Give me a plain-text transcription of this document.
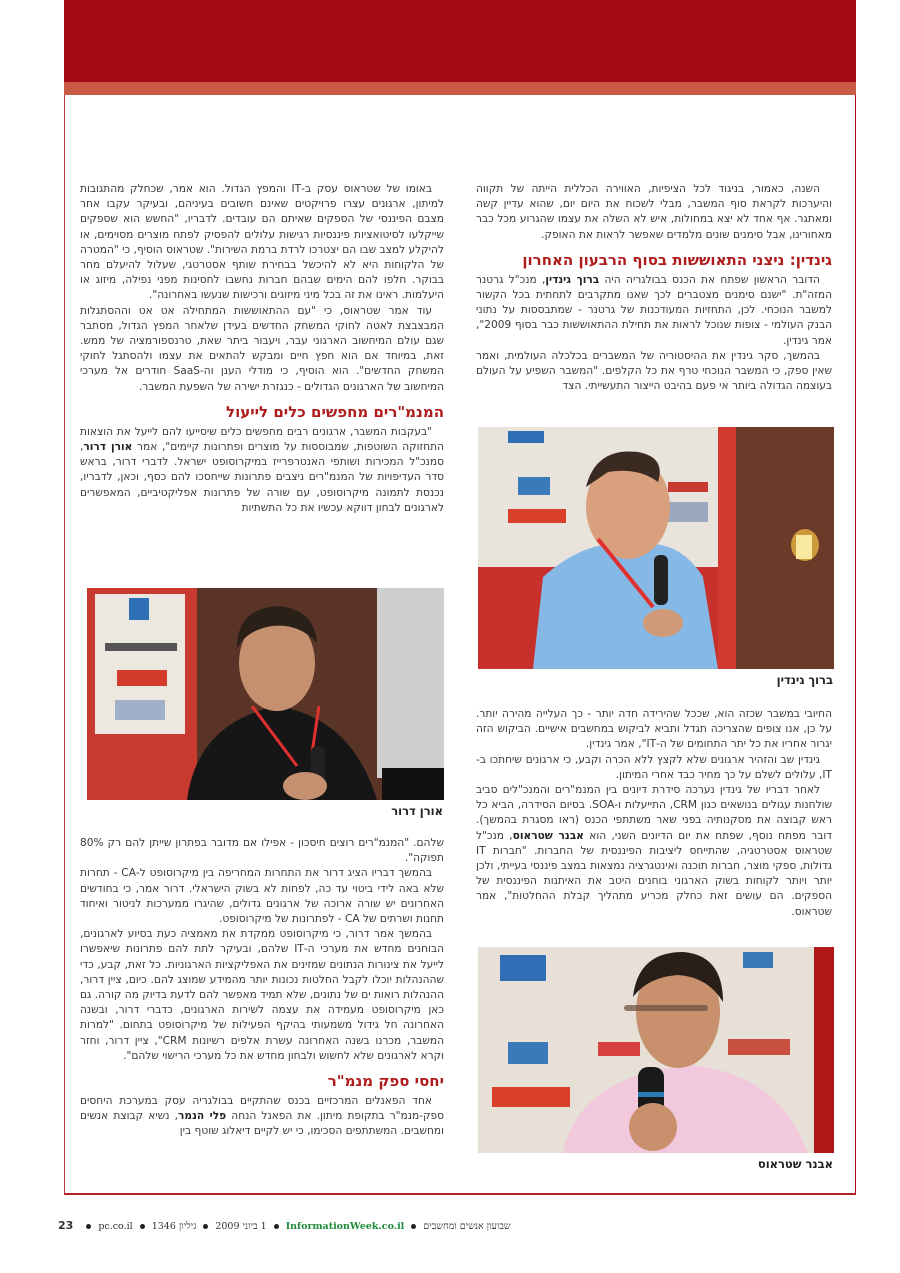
השנה, כאמור, בניגוד לכל הציפיות, האווירה הכללית הייתה של תקווה והיערכות לקראת סוף המשבר, מבלי לשכוח את היום יום, שהוא עדיין קשה ומאתגר. אף אחד לא יצא במחולות, איש לא השלה את עצמו שהגרוע מכל כבר מאחורינו, אבל סימנים שונים מלמדים שאפשר לראות את האופק.

גינדין: ניצני התאוששות בסוף הרבעון האחרון

הדובר הראשון שפתח את הכנס בבולגריה היה ברוך גינדין, מנכ"ל גרטנר המזה"ת. "ישנם סימנים מצטברים לכך שאנו מתקרבים לתחתית בכל הקשור למשבר הנוכחי. לכן, התחזיות המעודכנות של גרטנר - שמתבססות על נתוני הבנק העולמי - צופות שנוכל לראות את תחילת ההתאוששות כבר בסוף 2009", אמר גינדין.

בהמשך, סקר גינדין את ההיסטוריה של המשברים בכלכלה העולמית, ואמר שאין ספק, כי המשבר הנוכחי טרף את כל הקלפים. "המשבר השפיע על העולם בעוצמה הגדולה ביותר אי פעם בהיבט הייצור התעשייתי. הצד

ברוך גינדין

החיובי במשבר שכזה הוא, שככל שהירידה חדה יותר - כך העלייה מהירה יותר. על כן, אנו צופים שהצריכה תגדל ותביא לביקוש במחשבים אישיים. הביקוש הזה יגרור אחריו את כל יתר התחומים של ה-IT", אמר גינדין.

גינדין שב והזהיר ארגונים שלא לקצץ ללא הכרה וקבע, כי ארגונים שיחתכו ב-IT, עלולים לשלם על כך מחיר כבד אחרי המיתון.

לאחר דבריו של גינדין נערכה סידרת דיונים בין המנמ"רים והמנכ"לים סביב שולחנות עגולים בנושאים כגון CRM, התייעלות ו-SOA. בסיום הסידרה, הביא כל ראש קבוצה את מסקנותיה בפני שאר משתתפי הכנס (ראו מסגרת בהמשך). דובר מפתח נוסף, שפתח את יום הדיונים השני, הוא אבנר שטראוס, מנכ"ל שטראוס אסטרטגיה, שהתייחס ליציבות הפיננסית של החברות. "חברות IT גדולות, ספקי מוצר, חברות תוכנה ואינטגרציה נמצאות במצב פיננסי בעייתי, ולכן יותר ויותר לקוחות בשוק הארגוני בוחנים היטב את האיתנות הפיננסית של הספקים. הם עושים זאת כחלק מכריע מתהליך קבלת ההחלטות", אמר שטראוס.

אבנר שטראוס

באומו של שטראוס עסק ב-IT והמפץ הגדול. הוא אמר, שכחלק מהתגובות למיתון, ארגונים עצרו פרויקטים שאינם חשובים בעיניהם, ובעיקר עקבו אחר מצבם הפיננסי של הספקים שאיתם הם עובדים. לדבריו, "החשש הוא שספקים שייקלעו לסיטואציות פיננסיות רגישות עלולים להפסיק לפתח מוצרים מסוימים, או להיקלע למצב שבו הם יצטרכו לרדת ברמת השירות". שטראוס הוסיף, כי "המטרה של הלקוחות היא לא להיכשל בבחירת שותף אסטרטגי, שעלול להיעלם מחר בבוקר. חלפו להם הימים שבהם חברות נחשבו לחסינות מפני נפילה, מיזוג או היעלמות. ראינו את זה בכל מיני מיזוגים ורכישות שנעשו באחרונה".

עוד אמר שטראוס, כי "עם ההתאוששות המתחילה אט אט וההסתגלות המבצבצת לאטה לחוקי המשחק החדשים בעידן שלאחר המפץ הגדול, מסתבר שגם עולם המיחשוב הארגוני עבר, ויעבור ביתר שאת, טרנספורמציה של ממש. זאת, במיוחד אם הוא חפץ חיים ומבקש להתאים את עצמו ולהסתגל לחוקי המשחק החדשים". הוא הוסיף, כי מודלי הענן וה-SaaS חודרים אל מערכי המיחשוב של הארגונים הגדולים - כנגזרת ישירה של השפעת המשבר.

המנמ"רים מחפשים כלים לייעול

"בעקבות המשבר, ארגונים רבים מחפשים כלים שיסייעו להם לייעל את הוצאות התחזוקה השוטפות, שמבוססות על מוצרים ופתרונות קיימים", אמר אורן דרור, סמנכ"ל המכירות ושותפי האנטרפרייז במיקרוסופט ישראל. לדברי דרור, בראש סדר העדיפויות של המנמ"רים ניצבים פתרונות שייחסכו להם כסף, וכאן, לדבריו, נכנסת לתמונה מיקרוסופט, עם שורה של פתרונות אפליקטיביים, המאפשרים לארגונים לבחון דווקא עכשיו את כל התשתיות

אורן דרור

שלהם. "המנמ"רים רוצים חיסכון - אפילו אם מדובר בפתרון שייתן להם רק 80% תפוקה".

בהמשך דבריו הציג דרור את התחרות המחריפה בין מיקרוסופט ל-CA - תחרות שלא באה לידי ביטוי עד כה, לפחות לא בשוק הישראלי. דרור אמר, כי בחודשים האחרונים יש שורה ארוכה של ארגונים גדולים, שהיגרו ממערכות לניטור ואיחוד תחנות ושרתים של CA - לפתרונות של מיקרוסופט.

בהמשך אמר דרור, כי מיקרוסופט ממקדת את מאמציה כעת בסיוע לארגונים, הבוחנים מחדש את מערכי ה-IT שלהם, ובעיקר לתת להם פתרונות שיאפשרו לייעל את צינורות הנתונים שמזינים את האפליקציות הארגוניות. כל זאת, קבע, כדי שההנהלות יוכלו לקבל החלטות נכונות יותר מהמידע שמוצג להם. כיום, ציין דרור, ההנהלות רואות ים של נתונים, שלא תמיד מאפשר להם לדעת בדיוק מה קורה. גם כאן מיקרוסופט מעמידה את עצמה לשירות הארגונים, כדברי דרור, ובשנה האחרונה חל גידול משמעותי בהיקף הפעילות של מיקרוסופט בתחום. "למרות המשבר, מכרנו בשנה האחרונה עשרת אלפים רשיונות CRM", ציין דרור, וחזר וקרא לארגונים שלא לחשוש ולבחון מחדש את כל מערכי הרישוי שלהם".

יחסי ספק מנמ"ר

אחד הפאנלים המרכזיים בכנס שהתקיים בבולגריה עסק במערכת היחסים ספק-מנמ"ר בתקופת מיתון. את הפאנל הנחה פלי הנמר, נשיא קבוצת אנשים ומחשבים. המשתתפים הסכימו, כי יש לקיים דיאלוג שוטף בין

23	pc.co.il	1 ביוני 2009גיליון 1346	InformationWeek.co.il שבועון אנשים ומחשבים
